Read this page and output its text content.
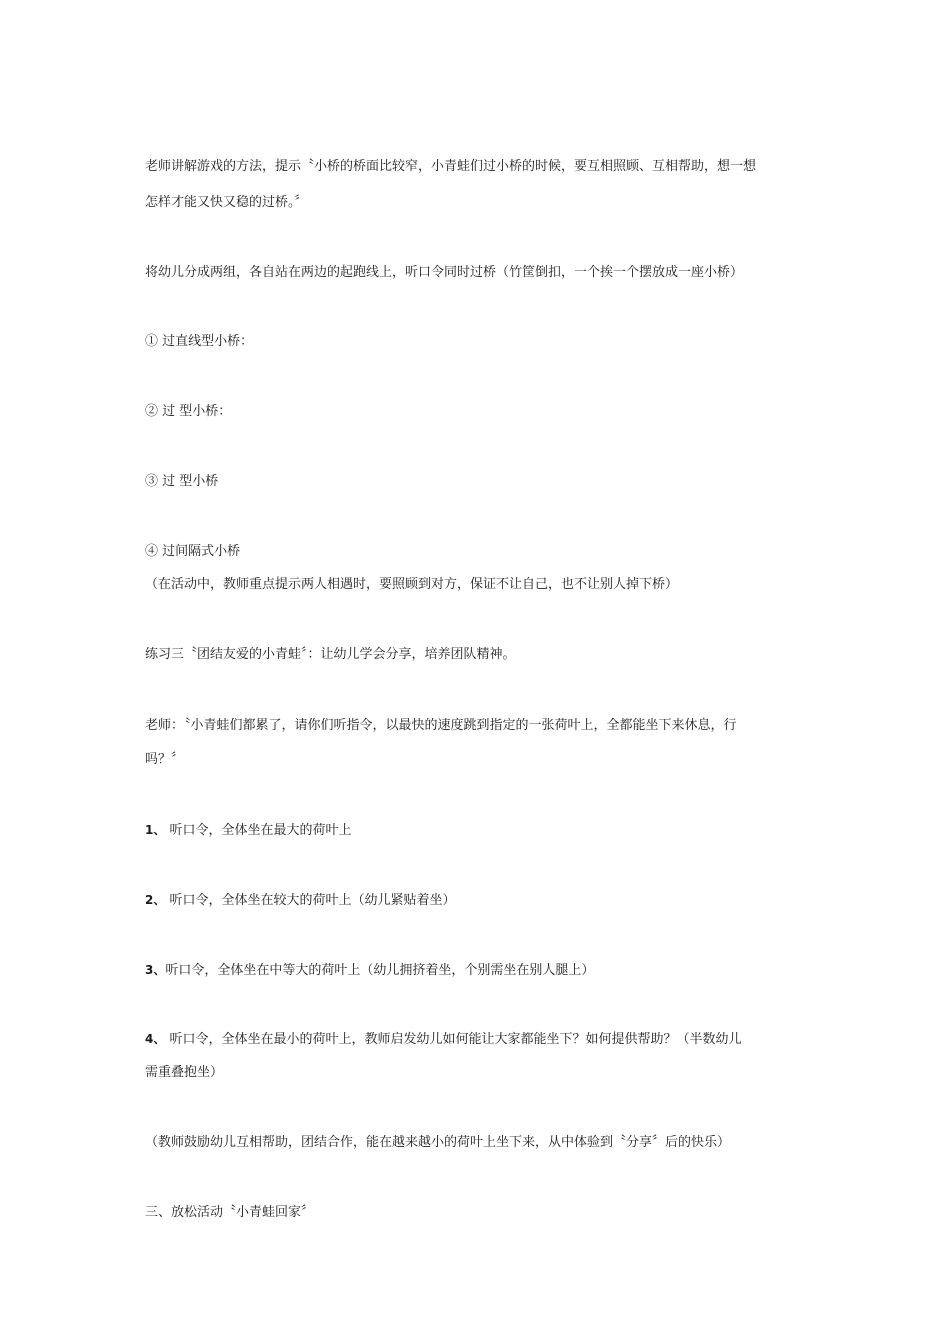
老师讲解游戏的方法，提示〝小桥的桥面比较窄，小青蛙们过小桥的时候，要互相照顾、互相帮助，想一想
怎样才能又快又稳的过桥。〞
将幼儿分成两组，各自站在两边的起跑线上，听口令同时过桥（竹筐倒扣，一个挨一个摆放成一座小桥）
① 过直线型小桥：
② 过 型小桥：
③ 过 型小桥
④ 过间隔式小桥
（在活动中，教师重点提示两人相遇时，要照顾到对方，保证不让自己，也不让别人掉下桥）
练习三〝团结友爱的小青蛙〞：让幼儿学会分享，培养团队精神。
老师：〝小青蛙们都累了，请你们听指令，以最快的速度跳到指定的一张荷叶上，全都能坐下来休息，行
吗？〞
1、 听口令，全体坐在最大的荷叶上
2、 听口令，全体坐在较大的荷叶上（幼儿紧贴着坐）
3、听口令，全体坐在中等大的荷叶上（幼儿拥挤着坐，个别需坐在别人腿上）
4、 听口令，全体坐在最小的荷叶上，教师启发幼儿如何能让大家都能坐下？如何提供帮助？（半数幼儿
需重叠抱坐）
（教师鼓励幼儿互相帮助，团结合作，能在越来越小的荷叶上坐下来，从中体验到〝分享〞后的快乐）
三、放松活动〝小青蛙回家〞
